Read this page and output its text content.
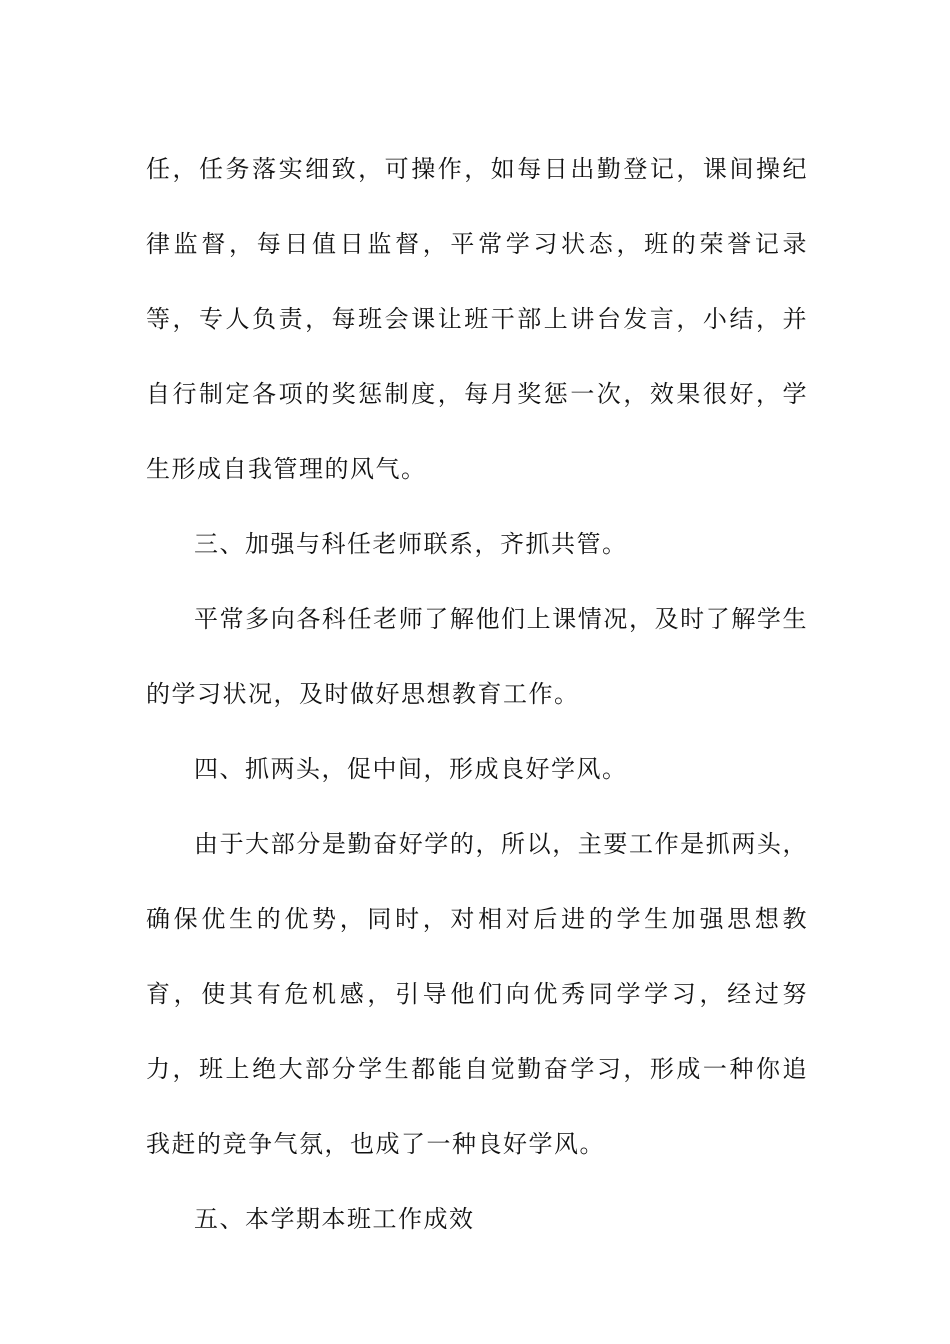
任，任务落实细致，可操作，如每日出勤登记，课间操纪律监督，每日值日监督，平常学习状态，班的荣誉记录等，专人负责，每班会课让班干部上讲台发言，小结，并自行制定各项的奖惩制度，每月奖惩一次，效果很好，学生形成自我管理的风气。

三、加强与科任老师联系，齐抓共管。

平常多向各科任老师了解他们上课情况，及时了解学生的学习状况，及时做好思想教育工作。

四、抓两头，促中间，形成良好学风。

由于大部分是勤奋好学的，所以，主要工作是抓两头，确保优生的优势，同时，对相对后进的学生加强思想教育，使其有危机感，引导他们向优秀同学学习，经过努力，班上绝大部分学生都能自觉勤奋学习，形成一种你追我赶的竞争气氛，也成了一种良好学风。

五、本学期本班工作成效
